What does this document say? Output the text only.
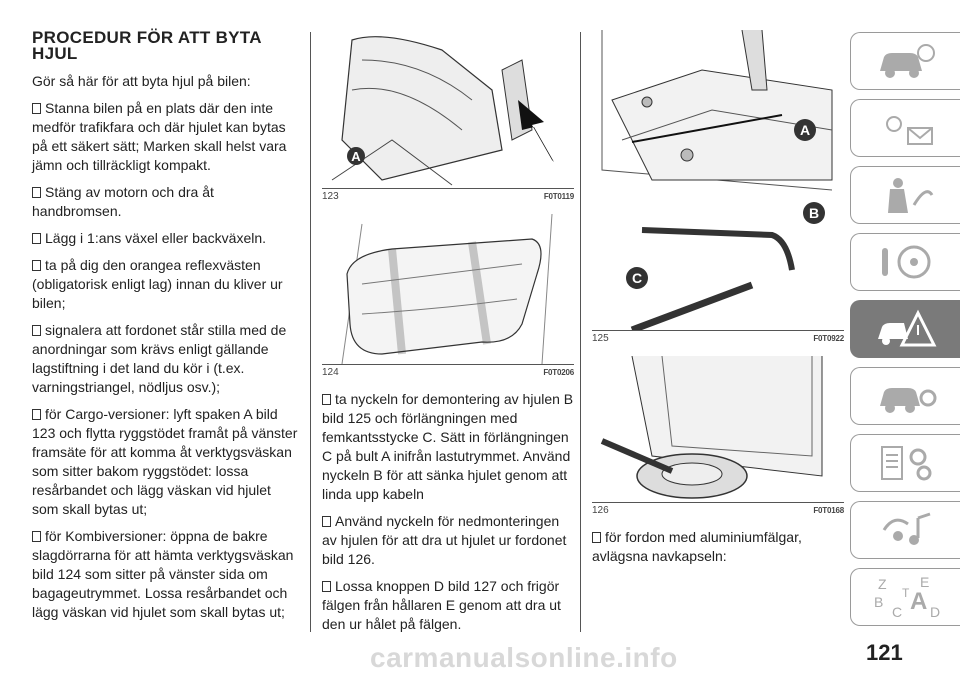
PROCEDUR FÖR ATT BYTA HJUL

Gör så här för att byta hjul på bilen:

Stanna bilen på en plats där den inte medför trafikfara och där hjulet kan bytas på ett säkert sätt; Marken skall helst vara jämn och tillräckligt kompakt.

Stäng av motorn och dra åt handbromsen.

Lägg i 1:ans växel eller backväxeln.

ta på dig den orangea reflexvästen (obligatorisk enligt lag) innan du kliver ur bilen;

signalera att fordonet står stilla med de anordningar som krävs enligt gällande lagstiftning i det land du kör i (t.ex. varningstriangel, nödljus osv.);

för Cargo-versioner: lyft spaken A bild 123 och flytta ryggstödet framåt på vänster framsäte för att komma åt verktygsväskan som sitter bakom ryggstödet: lossa resårbandet och lägg väskan vid hjulet som skall bytas ut;

för Kombiversioner: öppna de bakre slagdörrarna för att hämta verktygsväskan bild 124 som sitter på vänster sida om bagageutrymmet. Lossa resårbandet och lägg väskan vid hjulet som skall bytas ut;

A
123	F0T0119
124	F0T0206

ta nyckeln for demontering av hjulen B bild 125 och förlängningen med femkantsstycke C. Sätt in förlängningen C på bult A inifrån lastutrymmet. Använd nyckeln B för att sänka hjulet genom att linda upp kabeln

Använd nyckeln för nedmonteringen av hjulen för att dra ut hjulet ur fordonet bild 126.

Lossa knoppen D bild 127 och frigör fälgen från hållaren E genom att dra ut den ur hålet på fälgen.

A
B
C
125	F0T0922
126	F0T0168

för fordon med aluminiumfälgar, avlägsna navkapseln:

Z E
B A
C D
T
121
carmanualsonline.info
